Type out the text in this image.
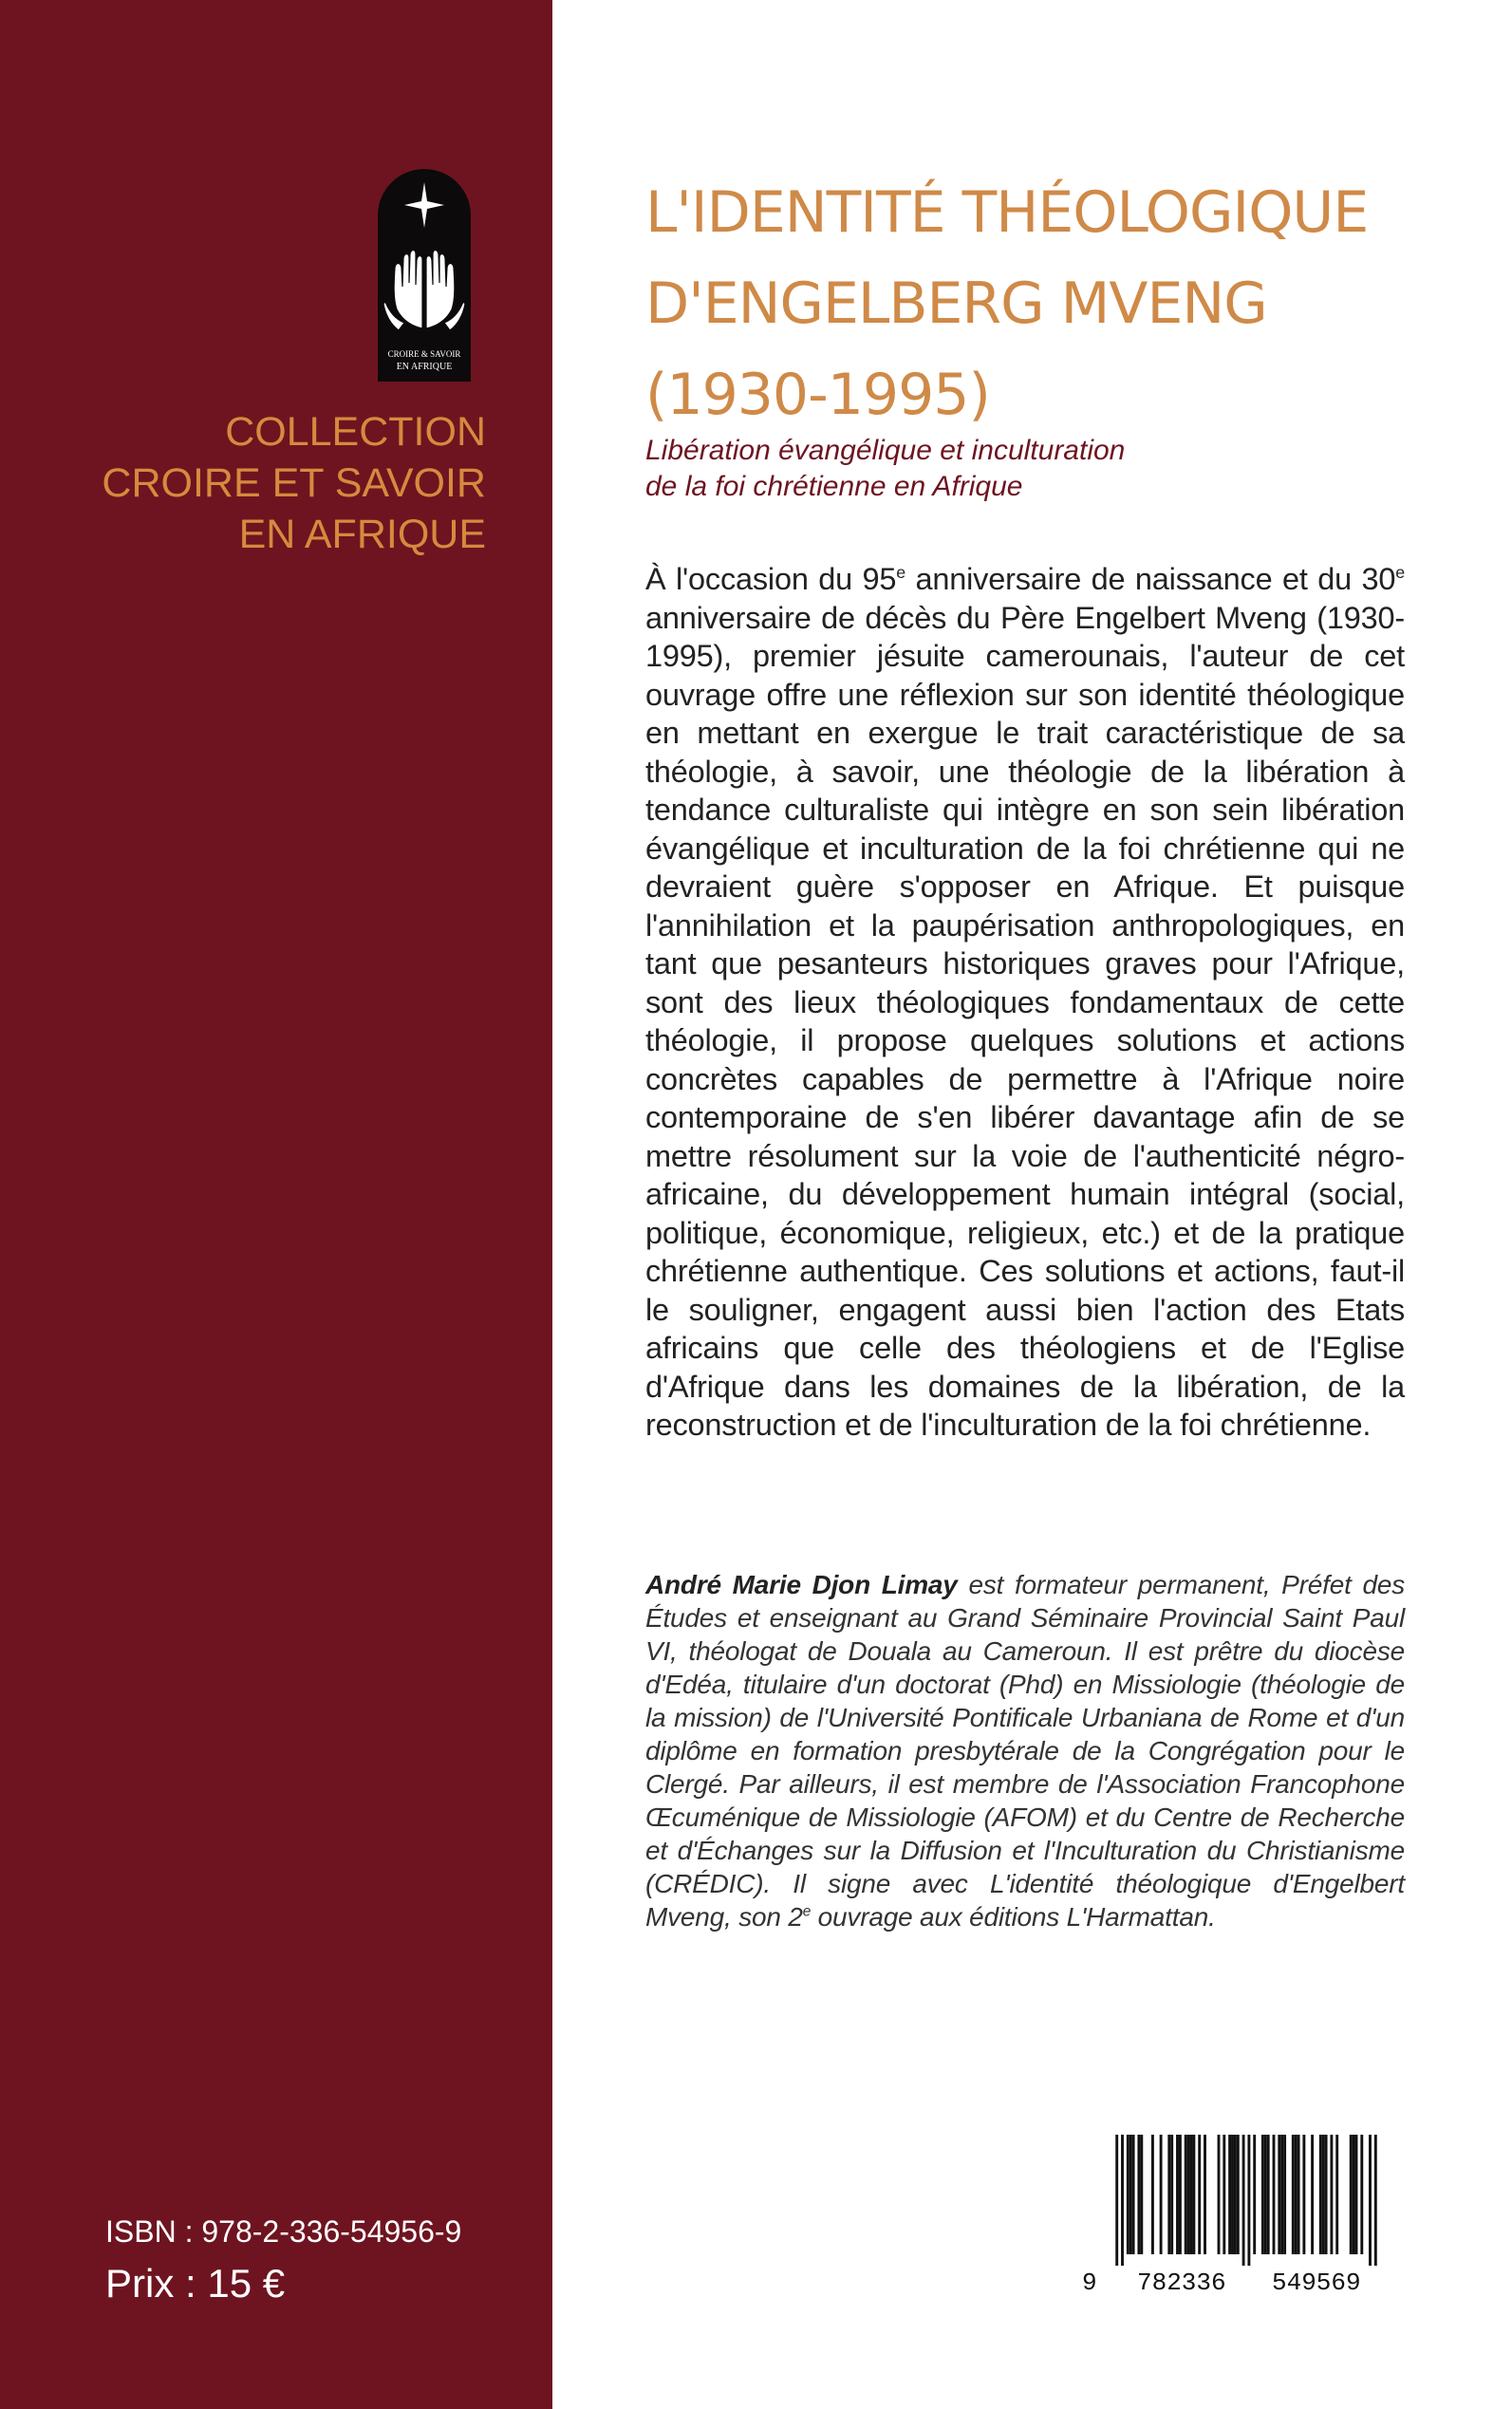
CROIRE & SAVOIR
EN AFRIQUE
COLLECTION
CROIRE ET SAVOIR
EN AFRIQUE
ISBN : 978-2-336-54956-9
Prix : 15 €
L'IDENTITÉ THÉOLOGIQUE
D'ENGELBERG MVENG
(1930-1995)
Libération évangélique et inculturation
de la foi chrétienne en Afrique
À l'occasion du 95e anniversaire de naissance et du 30e anniversaire de décès du Père Engelbert Mveng (1930-1995), premier jésuite camerounais, l'auteur de cet ouvrage offre une réflexion sur son identité théologique en mettant en exergue le trait caractéristique de sa théologie, à savoir, une théologie de la libération à tendance culturaliste qui intègre en son sein libération évangélique et inculturation de la foi chrétienne qui ne devraient guère s'opposer en Afrique. Et puisque l'annihilation et la paupérisation anthropologiques, en tant que pesanteurs historiques graves pour l'Afrique, sont des lieux théologiques fondamentaux de cette théologie, il propose quelques solutions et actions concrètes capables de permettre à l'Afrique noire contemporaine de s'en libérer davantage afin de se mettre résolument sur la voie de l'authenticité négro-africaine, du développement humain intégral (social, politique, économique, religieux, etc.) et de la pratique chrétienne authentique. Ces solutions et actions, faut-il le souligner, engagent aussi bien l'action des Etats africains que celle des théologiens et de l'Eglise d'Afrique dans les domaines de la libération, de la reconstruction et de l'inculturation de la foi chrétienne.
André Marie Djon Limay est formateur permanent, Préfet des Études et enseignant au Grand Séminaire Provincial Saint Paul VI, théologat de Douala au Cameroun. Il est prêtre du diocèse d'Edéa, titulaire d'un doctorat (Phd) en Missiologie (théologie de la mission) de l'Université Pontificale Urbaniana de Rome et d'un diplôme en formation presbytérale de la Congrégation pour le Clergé. Par ailleurs, il est membre de l'Association Francophone Œcuménique de Missiologie (AFOM) et du Centre de Recherche et d'Échanges sur la Diffusion et l'Inculturation du Christianisme (CRÉDIC). Il signe avec L'identité théologique d'Engelbert Mveng, son 2e ouvrage aux éditions L'Harmattan.
9 782336 549569
